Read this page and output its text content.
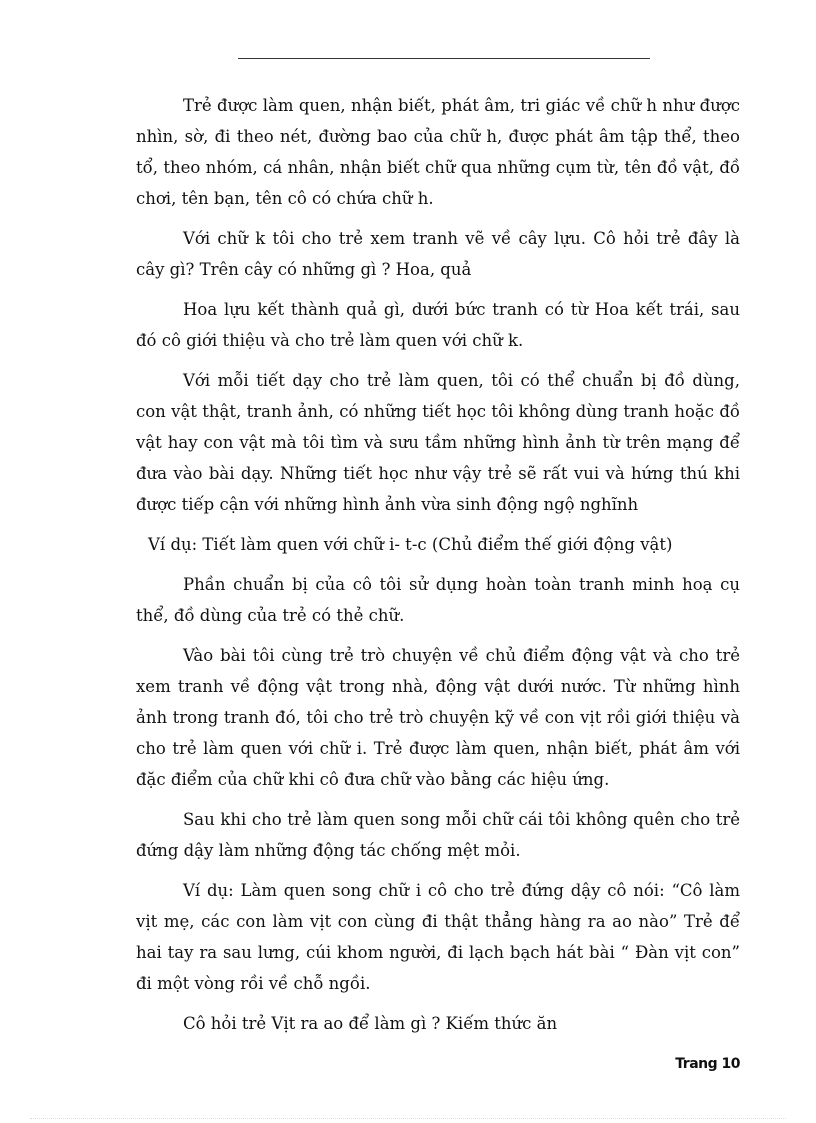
Trẻ được làm quen, nhận biết, phát âm, tri giác về chữ h như được nhìn, sờ, đi theo nét, đường bao của chữ h, được phát âm tập thể, theo tổ, theo nhóm, cá nhân, nhận biết chữ qua những cụm từ, tên đồ vật, đồ chơi, tên bạn, tên cô có chứa chữ h.

Với chữ k tôi cho trẻ xem tranh vẽ về cây lựu. Cô hỏi trẻ đây là cây gì? Trên cây có những gì ? Hoa, quả

Hoa lựu kết thành quả gì, dưới bức tranh có từ Hoa kết trái, sau đó cô giới thiệu và cho trẻ làm quen với chữ k.

Với mỗi tiết dạy cho trẻ làm quen, tôi có thể chuẩn bị đồ dùng, con vật thật, tranh ảnh, có những tiết học tôi không dùng tranh hoặc đồ vật hay con vật mà tôi tìm và sưu tầm những hình ảnh từ trên mạng để đưa vào bài dạy. Những tiết học như vậy trẻ sẽ rất vui và hứng thú khi được tiếp cận với những hình ảnh vừa sinh động ngộ nghĩnh

Ví dụ: Tiết làm quen với chữ i- t-c (Chủ điểm thế giới động vật)

Phần chuẩn bị của cô tôi sử dụng hoàn toàn tranh minh hoạ cụ thể, đồ dùng của trẻ có thẻ chữ.

Vào bài tôi cùng trẻ trò chuyện về chủ điểm động vật và cho trẻ xem tranh về động vật trong nhà, động vật dưới nước. Từ những hình ảnh trong tranh đó, tôi cho trẻ trò chuyện kỹ về con vịt rồi giới thiệu và cho trẻ làm quen với chữ i. Trẻ được làm quen, nhận biết, phát âm với đặc điểm của chữ khi cô đưa chữ vào bằng các hiệu ứng.

Sau khi cho trẻ làm quen song mỗi chữ cái tôi không quên cho trẻ đứng dậy làm những động tác chống mệt mỏi.

Ví dụ: Làm quen song chữ i cô cho trẻ đứng dậy cô nói: “Cô làm vịt mẹ, các con làm vịt con cùng đi thật thẳng hàng ra ao nào” Trẻ để hai tay ra sau lưng, cúi khom người, đi lạch bạch hát bài “ Đàn vịt con” đi một vòng rồi về chỗ ngồi.

Cô hỏi trẻ Vịt ra ao để làm gì ? Kiếm thức ăn

Trang 10
